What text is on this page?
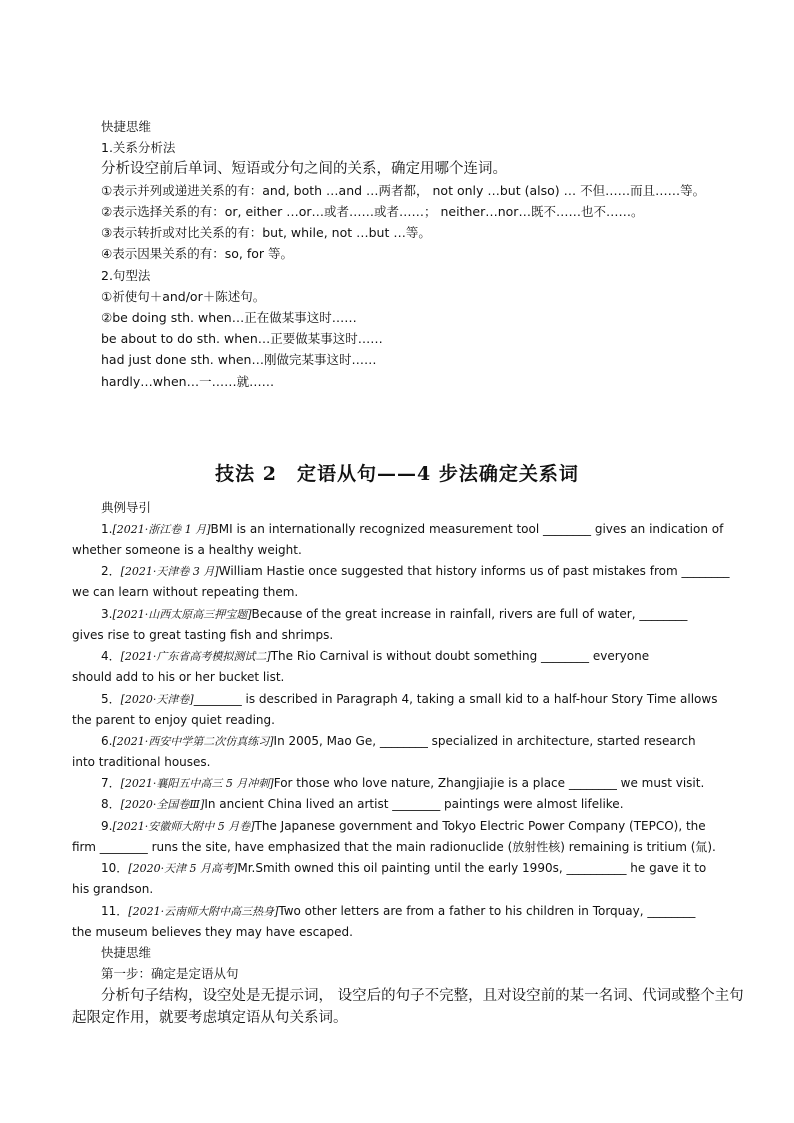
快捷思维
1.关系分析法
分析设空前后单词、短语或分句之间的关系，确定用哪个连词。
①表示并列或递进关系的有：and, both …and …两者都， not only …but (also) … 不但……而且……等。
②表示选择关系的有：or, either …or…或者……或者……； neither…nor…既不……也不……。
③表示转折或对比关系的有：but, while, not …but …等。
④表示因果关系的有：so, for 等。
2.句型法
①祈使句＋and/or＋陈述句。
②be doing sth. when…正在做某事这时……
be about to do sth. when…正要做某事这时……
had just done sth. when…刚做完某事这时……
hardly…when…一……就……
技法 2　定语从句——4 步法确定关系词
典例导引
1.[2021·浙江卷 1 月]BMI is an internationally recognized measurement tool ________ gives an indication of
whether someone is a healthy weight.
2．[2021·天津卷 3 月]William Hastie once suggested that history informs us of past mistakes from ________
we can learn without repeating them.
3.[2021·山西太原高三押宝题]Because of the great increase in rainfall, rivers are full of water, ________
gives rise to great tasting fish and shrimps.
4．[2021·广东省高考模拟测试二]The Rio Carnival is without doubt something ________ everyone
should add to his or her bucket list.
5．[2020·天津卷]________ is described in Paragraph 4, taking a small kid to a half-hour Story Time allows
the parent to enjoy quiet reading.
6.[2021·西安中学第二次仿真练习]In 2005, Mao Ge, ________ specialized in architecture, started research
into traditional houses.
7．[2021·襄阳五中高三 5 月冲刺]For those who love nature, Zhangjiajie is a place ________ we must visit.
8．[2020·全国卷Ⅲ]In ancient China lived an artist ________ paintings were almost lifelike.
9.[2021·安徽师大附中 5 月卷]The Japanese government and Tokyo Electric Power Company (TEPCO), the
firm ________ runs the site, have emphasized that the main radionuclide (放射性核) remaining is tritium (氚).
10．[2020·天津 5 月高考]Mr.Smith owned this oil painting until the early 1990s, __________ he gave it to
his grandson.
11．[2021·云南师大附中高三热身]Two other letters are from a father to his children in Torquay, ________
the museum believes they may have escaped.
快捷思维
第一步：确定是定语从句
分析句子结构，设空处是无提示词， 设空后的句子不完整，且对设空前的某一名词、代词或整个主句
起限定作用，就要考虑填定语从句关系词。
